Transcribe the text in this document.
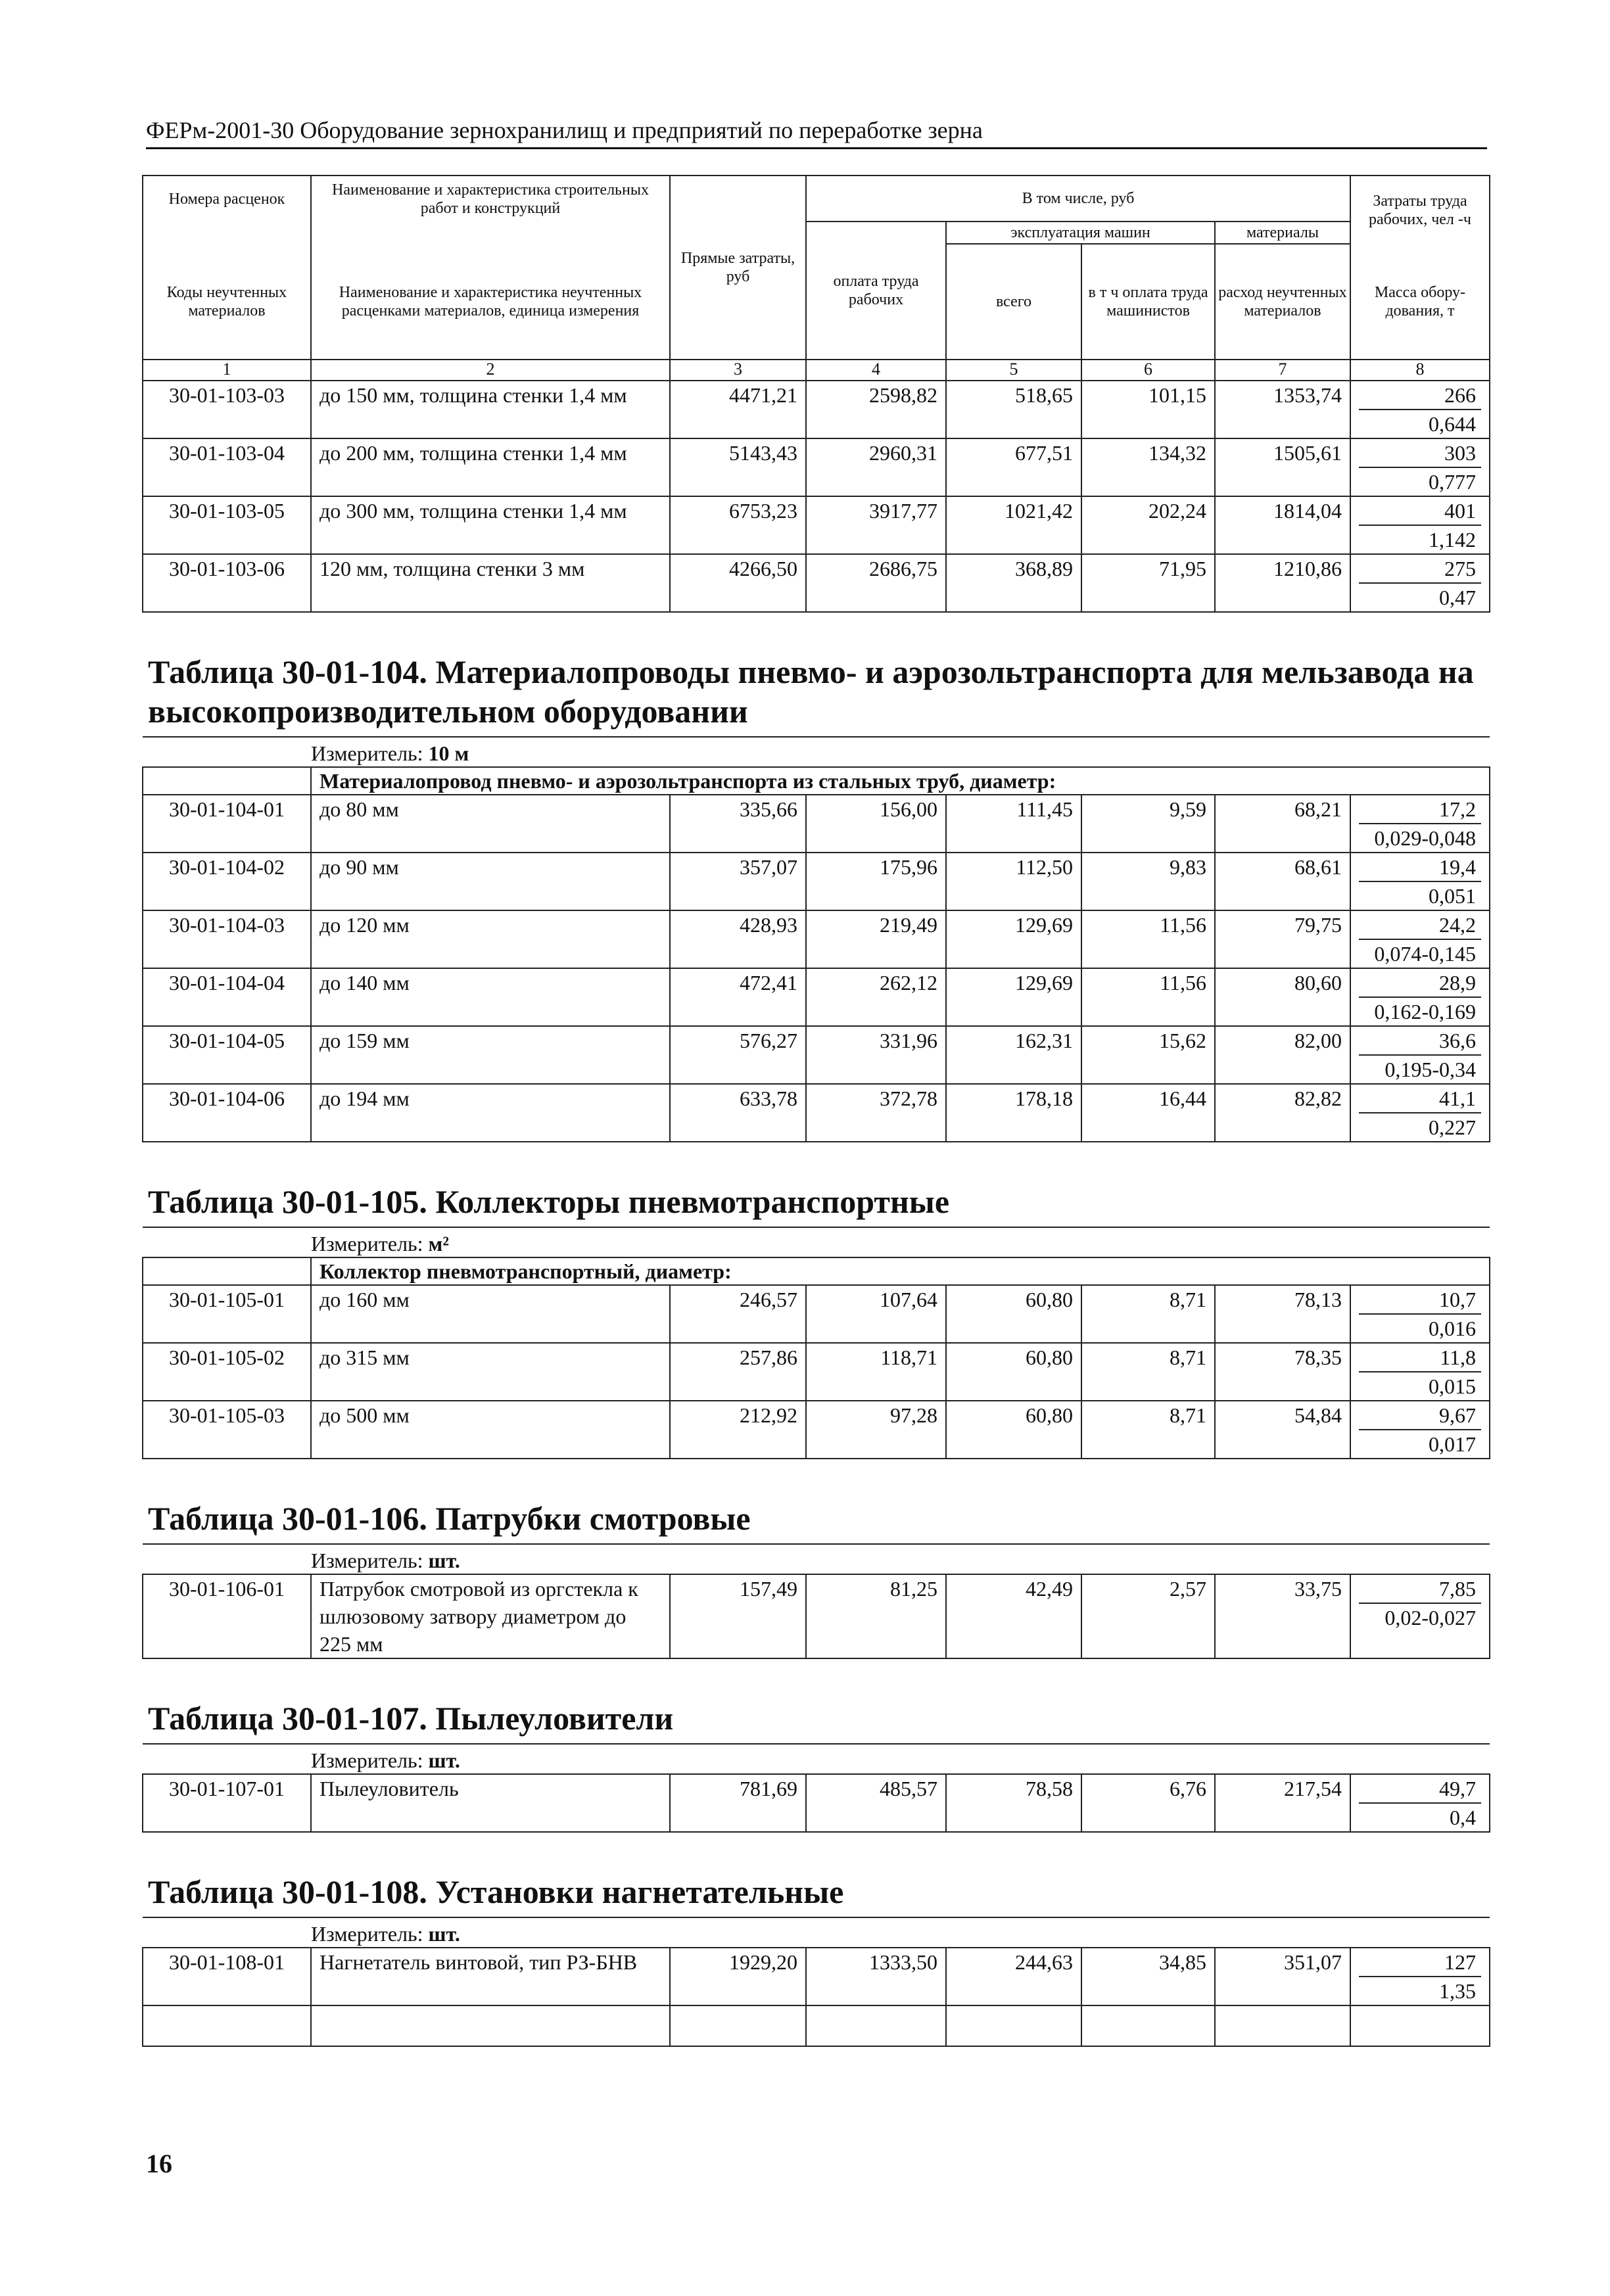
ФЕРм-2001-30 Оборудование зернохранилищ и предприятий по переработке зерна
Номера расценок	Наименование и характеристика строительных работ и конструкций	Прямые затраты, руб	В том числе, руб				Затраты труда рабочих, чел -ч
			оплата труда рабочих	эксплуатация машин		материалы	
Коды неучтенных материалов	Наименование и характеристика неучтенных расценками материалов, единица измерения			всего	в т ч оплата труда машинистов	расход неучтенных материалов	Масса обору-дования, т
1	2	3	4	5	6	7	8
30-01-103-03	до 150 мм, толщина стенки 1,4 мм	4471,21	2598,82	518,65	101,15	1353,74	266
0,644

30-01-103-04	до 200 мм, толщина стенки 1,4 мм	5143,43	2960,31	677,51	134,32	1505,61	303
0,777

30-01-103-05	до 300 мм, толщина стенки 1,4 мм	6753,23	3917,77	1021,42	202,24	1814,04	401
1,142

30-01-103-06	120 мм, толщина стенки 3 мм	4266,50	2686,75	368,89	71,95	1210,86	275
0,47

Таблица 30-01-104. Материалопроводы пневмо- и аэрозольтранспорта для мельзавода на высокопроизводительном оборудовании							
Измеритель: 10 м							
	Материалопровод пневмо- и аэрозольтранспорта из стальных труб, диаметр:						
30-01-104-01	до 80 мм	335,66	156,00	111,45	9,59	68,21	17,2
0,029-0,048

30-01-104-02	до 90 мм	357,07	175,96	112,50	9,83	68,61	19,4
0,051

30-01-104-03	до 120 мм	428,93	219,49	129,69	11,56	79,75	24,2
0,074-0,145

30-01-104-04	до 140 мм	472,41	262,12	129,69	11,56	80,60	28,9
0,162-0,169

30-01-104-05	до 159 мм	576,27	331,96	162,31	15,62	82,00	36,6
0,195-0,34

30-01-104-06	до 194 мм	633,78	372,78	178,18	16,44	82,82	41,1
0,227

Таблица 30-01-105. Коллекторы пневмотранспортные							
Измеритель: м²							
	Коллектор пневмотранспортный, диаметр:						
30-01-105-01	до 160 мм	246,57	107,64	60,80	8,71	78,13	10,7
0,016

30-01-105-02	до 315 мм	257,86	118,71	60,80	8,71	78,35	11,8
0,015

30-01-105-03	до 500 мм	212,92	97,28	60,80	8,71	54,84	9,67
0,017

Таблица 30-01-106. Патрубки смотровые							
Измеритель: шт.							
30-01-106-01	Патрубок смотровой из оргстекла к шлюзовому затвору диаметром до 225 мм	157,49	81,25	42,49	2,57	33,75	7,85
0,02-0,027

Таблица 30-01-107. Пылеуловители							
Измеритель: шт.							
30-01-107-01	Пылеуловитель	781,69	485,57	78,58	6,76	217,54	49,7
0,4

Таблица 30-01-108. Установки нагнетательные							
Измеритель: шт.							
30-01-108-01	Нагнетатель винтовой, тип РЗ-БНВ	1929,20	1333,50	244,63	34,85	351,07	127
1,35

16
